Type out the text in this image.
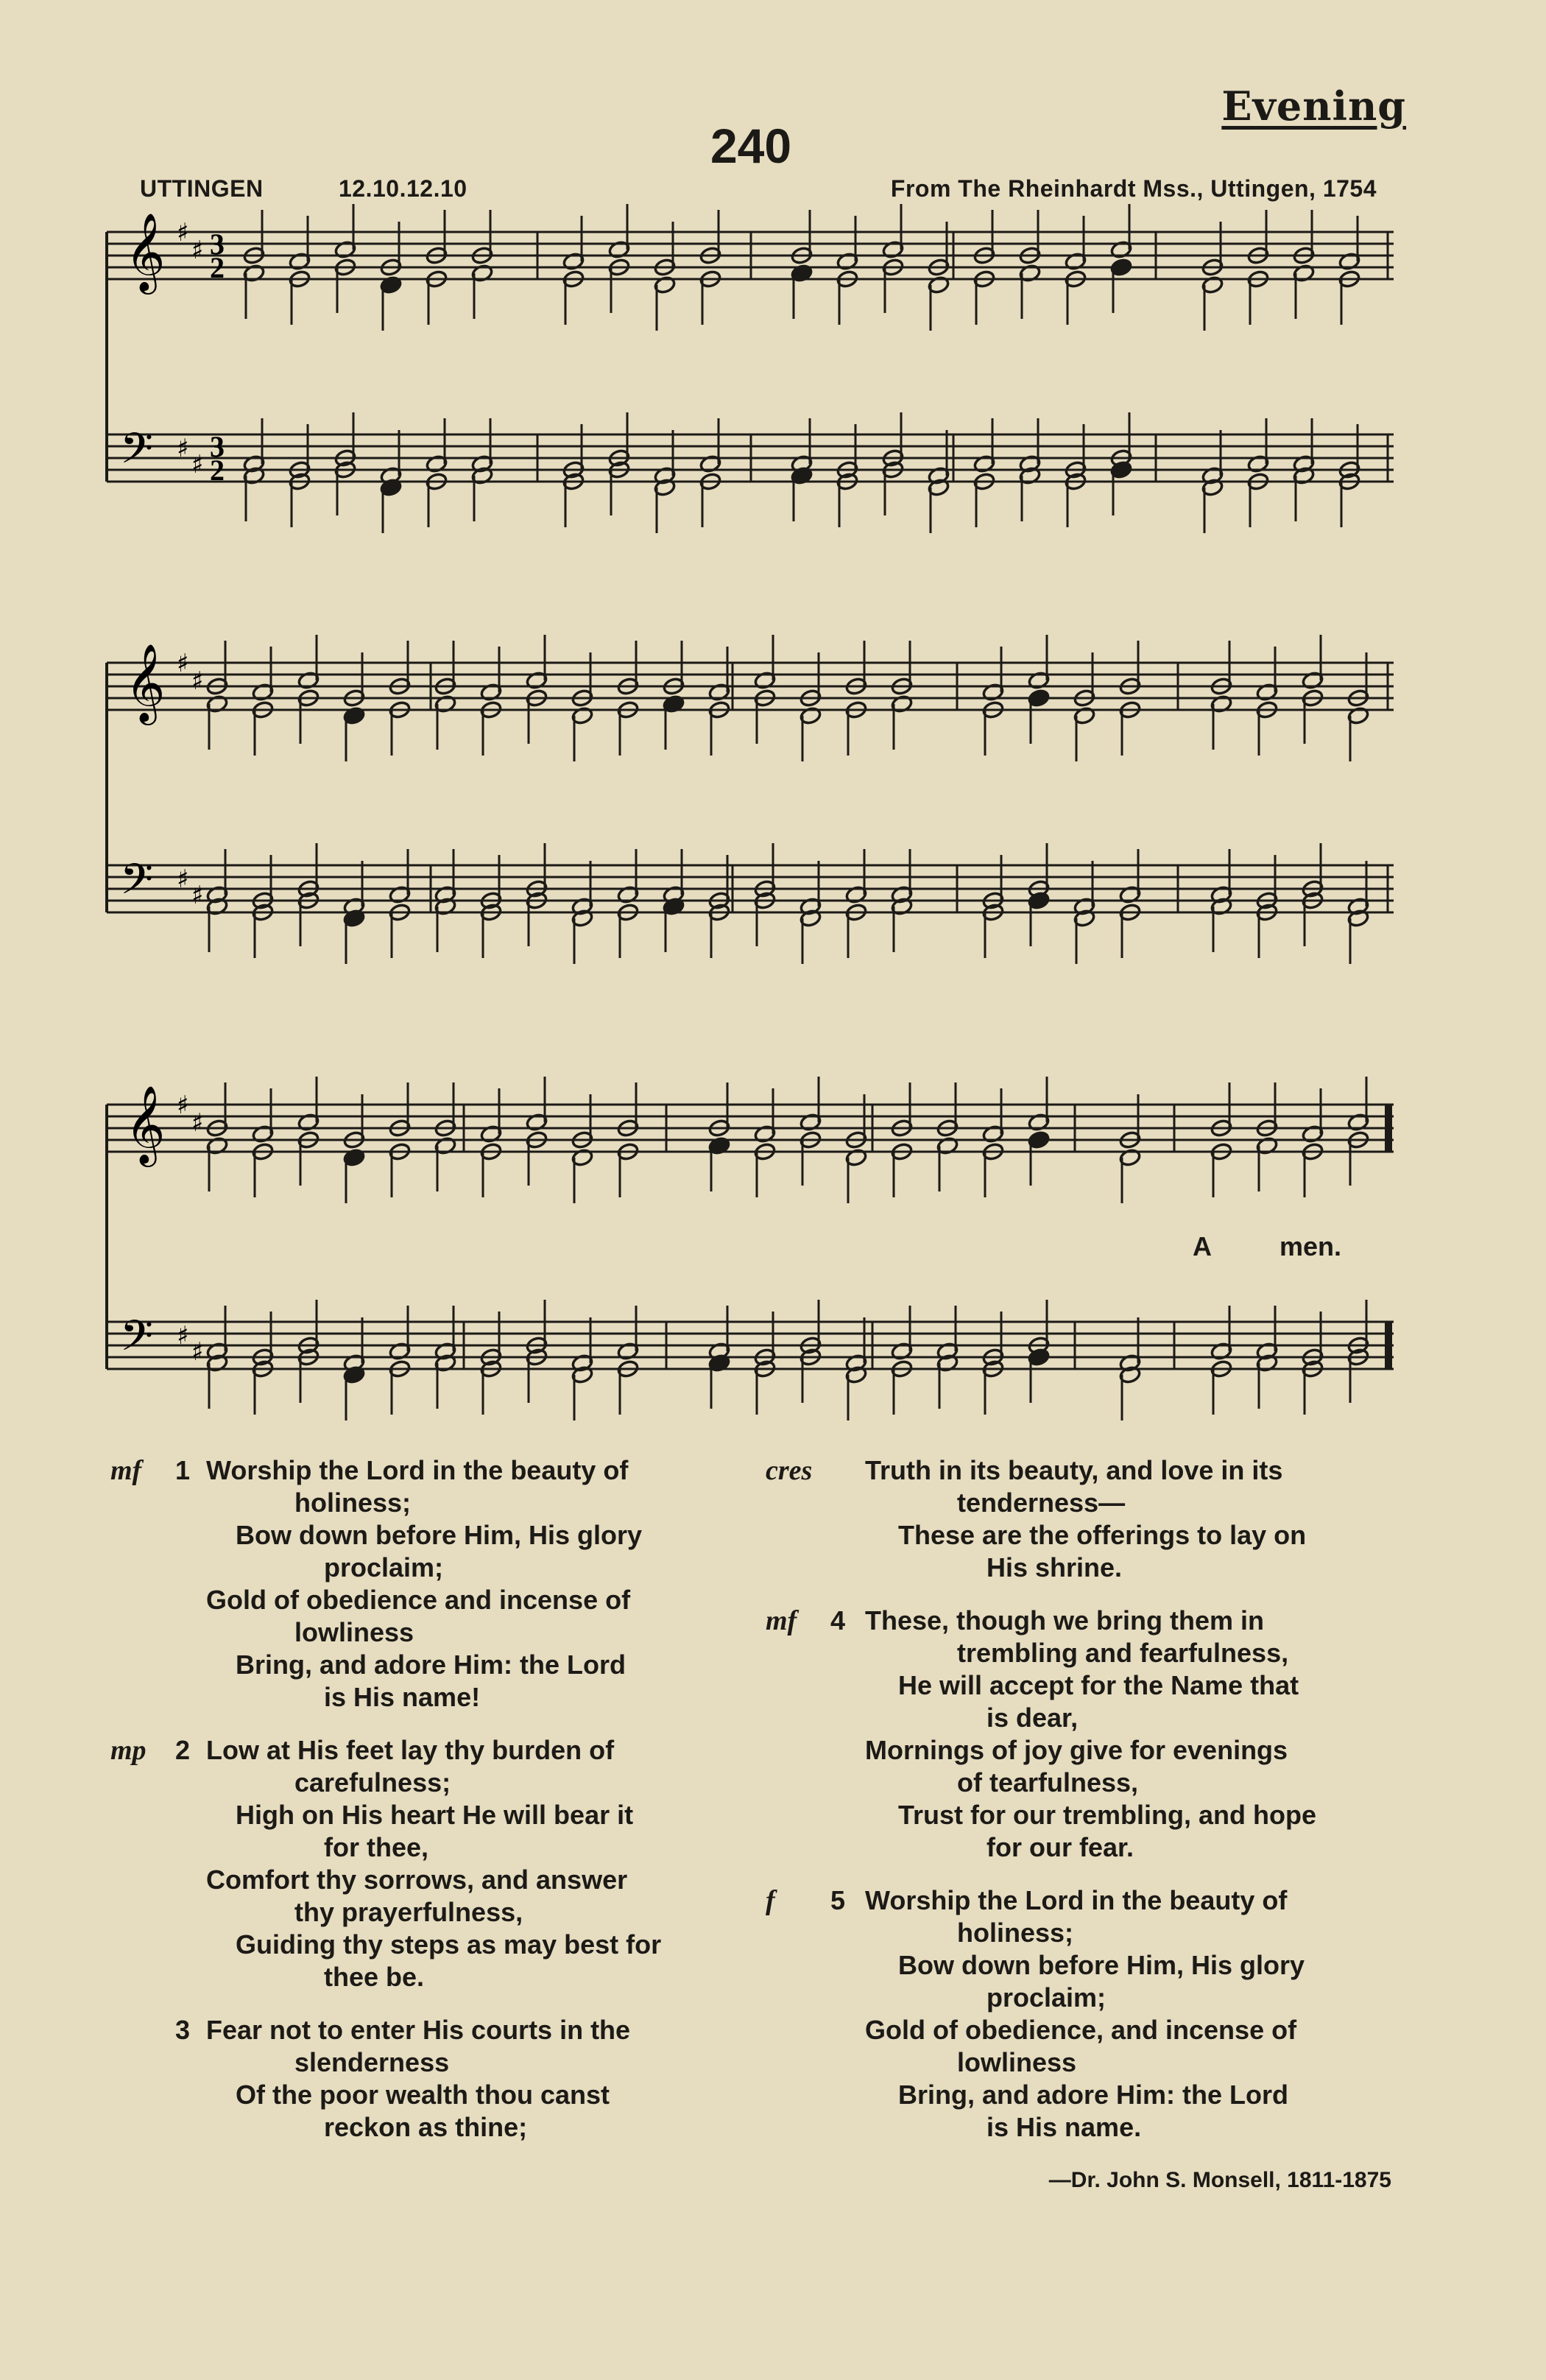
Evening
240
UTTINGEN	12.10.12.10	From The Rheinhardt Mss., Uttingen, 1754
𝄞
𝄢
♯
♯
♯
♯
3
3
2
2
𝄞
𝄢
♯
♯
♯
♯
𝄞
𝄢
♯
♯
♯
♯
A	men.
mf 1 Worship the Lord in the beauty of
holiness;
Bow down before Him, His glory
proclaim;
Gold of obedience and incense of
lowliness
Bring, and adore Him: the Lord
is His name!
mp 2 Low at His feet lay thy burden of
carefulness;
High on His heart He will bear it
for thee,
Comfort thy sorrows, and answer
thy prayerfulness,
Guiding thy steps as may best for
thee be.
3 Fear not to enter His courts in the
slenderness
Of the poor wealth thou canst
reckon as thine;
cres	Truth in its beauty, and love in its
tenderness—
These are the offerings to lay on
His shrine.
mf 4 These, though we bring them in
trembling and fearfulness,
He will accept for the Name that
is dear,
Mornings of joy give for evenings
of tearfulness,
Trust for our trembling, and hope
for our fear.
f 5 Worship the Lord in the beauty of
holiness;
Bow down before Him, His glory
proclaim;
Gold of obedience, and incense of
lowliness
Bring, and adore Him: the Lord
is His name.
—Dr. John S. Monsell, 1811-1875
